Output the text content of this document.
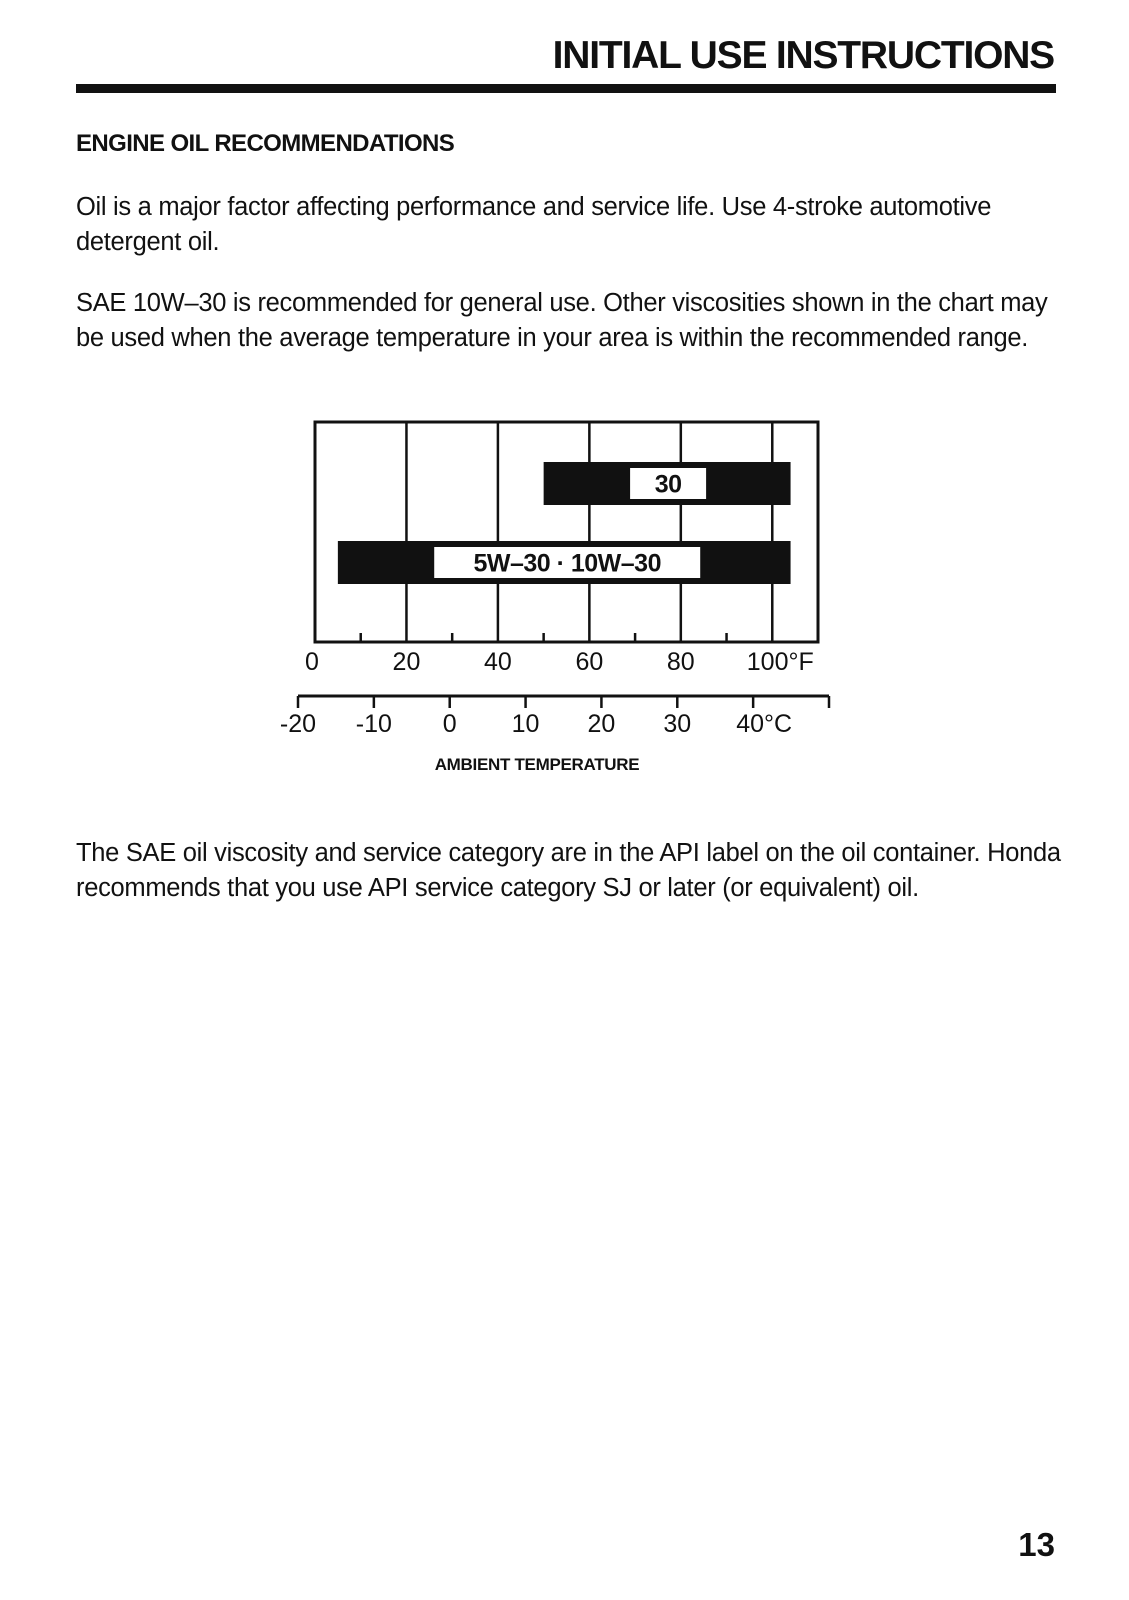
INITIAL USE INSTRUCTIONS
ENGINE OIL RECOMMENDATIONS

Oil is a major factor affecting performance and service life. Use 4-stroke automotive detergent oil.

SAE 10W–30 is recommended for general use. Other viscosities shown in the chart may be used when the average temperature in your area is within the recommended range.

30
5W–30 · 10W–30
0	20	40	60	80 100°F
-20 -10 0 10 20 30 40°C
AMBIENT TEMPERATURE

The SAE oil viscosity and service category are in the API label on the oil container. Honda recommends that you use API service category SJ or later (or equivalent) oil.

13
